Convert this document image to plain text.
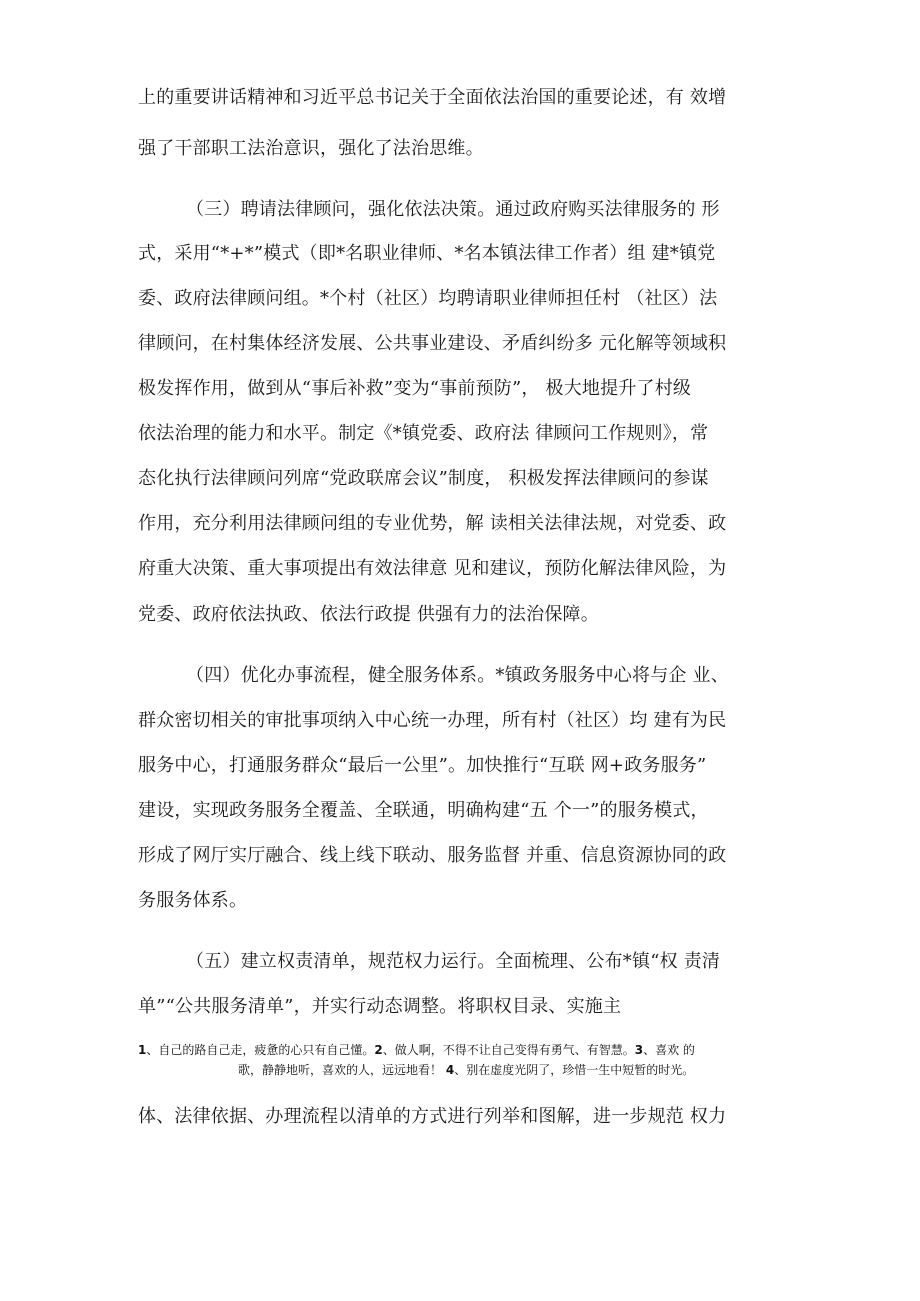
上的重要讲话精神和习近平总书记关于全面依法治国的重要论述，有 效增
强了干部职工法治意识，强化了法治思维。
（三）聘请法律顾问，强化依法决策。通过政府购买法律服务的 形
式，采用“*+*”模式（即*名职业律师、*名本镇法律工作者）组 建*镇党
委、政府法律顾问组。*个村（社区）均聘请职业律师担任村 （社区）法
律顾问，在村集体经济发展、公共事业建设、矛盾纠纷多 元化解等领域积
极发挥作用，做到从“事后补救”变为“事前预防”， 极大地提升了村级
依法治理的能力和水平。制定《*镇党委、政府法 律顾问工作规则》，常
态化执行法律顾问列席“党政联席会议”制度， 积极发挥法律顾问的参谋
作用，充分利用法律顾问组的专业优势，解 读相关法律法规，对党委、政
府重大决策、重大事项提出有效法律意 见和建议，预防化解法律风险，为
党委、政府依法执政、依法行政提 供强有力的法治保障。
（四）优化办事流程，健全服务体系。*镇政务服务中心将与企 业、
群众密切相关的审批事项纳入中心统一办理，所有村（社区）均 建有为民
服务中心，打通服务群众“最后一公里”。加快推行“互联 网+政务服务”
建设，实现政务服务全覆盖、全联通，明确构建“五 个一”的服务模式，
形成了网厅实厅融合、线上线下联动、服务监督 并重、信息资源协同的政
务服务体系。
（五）建立权责清单，规范权力运行。全面梳理、公布*镇“权 责清
单”“公共服务清单”，并实行动态调整。将职权目录、实施主
1、自己的路自己走，疲惫的心只有自己懂。2、做人啊，不得不让自己变得有勇气、有智慧。3、喜欢 的
歌，静静地听，喜欢的人，远远地看！ 4、别在虚度光阴了，珍惜一生中短暂的时光。
体、法律依据、办理流程以清单的方式进行列举和图解，进一步规范 权力
